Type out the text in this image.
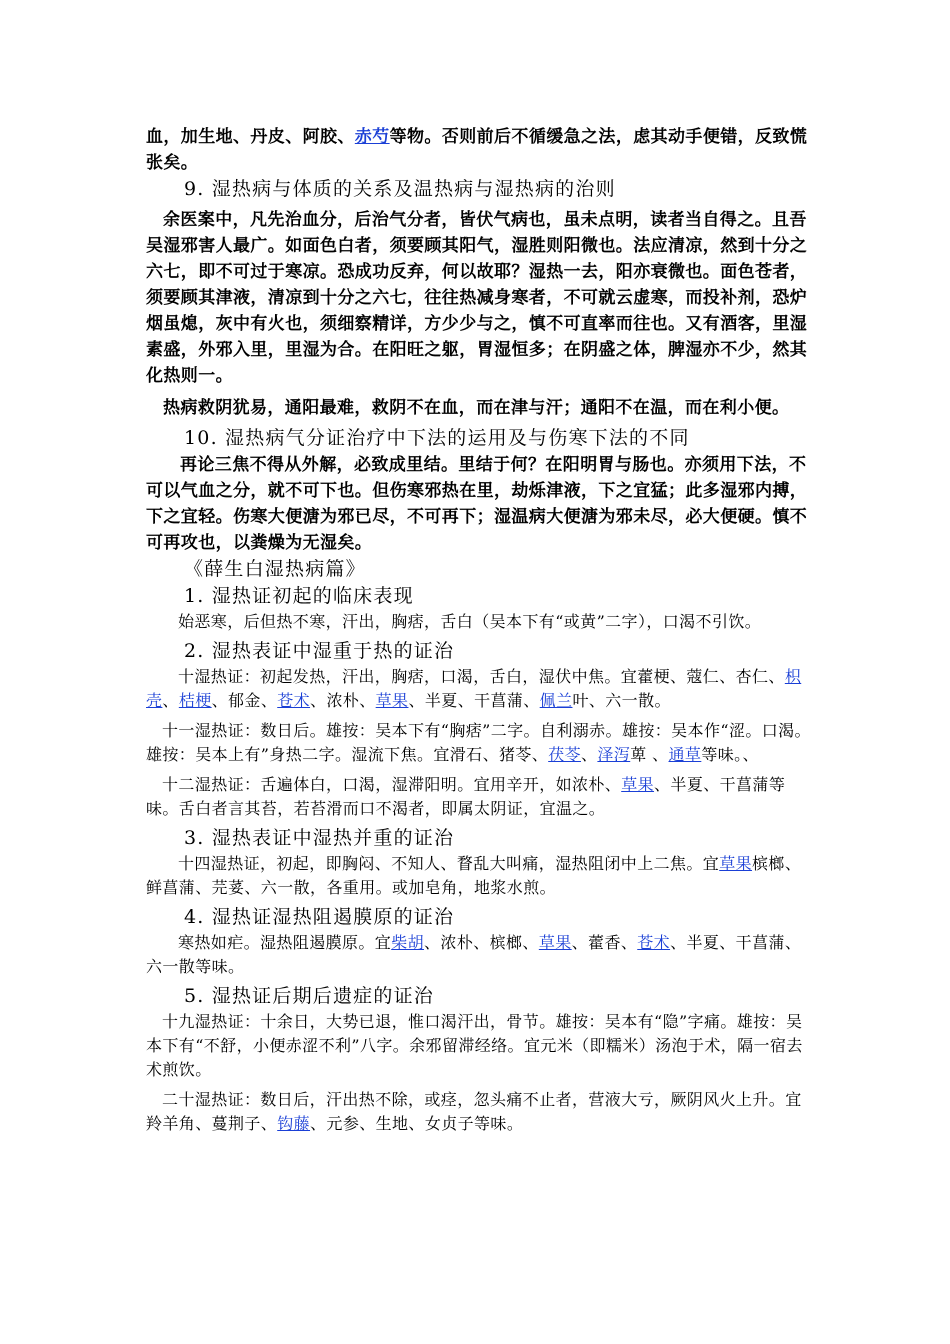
血，加生地、丹皮、阿胶、赤芍等物。否则前后不循缓急之法，虑其动手便错，反致慌张矣。

9. 湿热病与体质的关系及温热病与湿热病的治则

余医案中，凡先治血分，后治气分者，皆伏气病也，虽未点明，读者当自得之。且吾吴湿邪害人最广。如面色白者，须要顾其阳气，湿胜则阳微也。法应清凉，然到十分之六七，即不可过于寒凉。恐成功反弃，何以故耶？湿热一去，阳亦衰微也。面色苍者，须要顾其津液，清凉到十分之六七，往往热减身寒者，不可就云虚寒，而投补剂，恐炉烟虽熄，灰中有火也，须细察精详，方少少与之，慎不可直率而往也。又有酒客，里湿素盛，外邪入里，里湿为合。在阳旺之躯，胃湿恒多；在阴盛之体，脾湿亦不少，然其化热则一。

热病救阴犹易，通阳最难，救阴不在血，而在津与汗；通阳不在温，而在利小便。

10. 湿热病气分证治疗中下法的运用及与伤寒下法的不同

再论三焦不得从外解，必致成里结。里结于何？在阳明胃与肠也。亦须用下法，不可以气血之分，就不可下也。但伤寒邪热在里，劫烁津液，下之宜猛；此多湿邪内搏，下之宜轻。伤寒大便溏为邪已尽，不可再下；湿温病大便溏为邪未尽，必大便硬。慎不可再攻也，以粪燥为无湿矣。

《薛生白湿热病篇》

1. 湿热证初起的临床表现

始恶寒，后但热不寒，汗出，胸痞，舌白（吴本下有“或黄”二字），口渴不引饮。

2. 湿热表证中湿重于热的证治

十湿热证：初起发热，汗出，胸痞，口渴，舌白，湿伏中焦。宜藿梗、蔻仁、杏仁、枳壳、桔梗、郁金、苍术、浓朴、草果、半夏、干菖蒲、佩兰叶、六一散。

十一湿热证：数日后。雄按：吴本下有“胸痞”二字。自利溺赤。雄按：吴本作“涩。口渴。雄按：吴本上有”身热二字。湿流下焦。宜滑石、猪苓、茯苓、泽泻萆 、通草等味。、

十二湿热证：舌遍体白，口渴，湿滞阳明。宜用辛开，如浓朴、草果、半夏、干菖蒲等味。舌白者言其苔，若苔滑而口不渴者，即属太阴证，宜温之。

3. 湿热表证中湿热并重的证治

十四湿热证，初起，即胸闷、不知人、瞀乱大叫痛，湿热阻闭中上二焦。宜草果槟榔、鲜菖蒲、芫荽、六一散，各重用。或加皂角，地浆水煎。

4. 湿热证湿热阻遏膜原的证治

寒热如疟。湿热阻遏膜原。宜柴胡、浓朴、槟榔、草果、藿香、苍术、半夏、干菖蒲、六一散等味。

5. 湿热证后期后遗症的证治

十九湿热证：十余日，大势已退，惟口渴汗出，骨节。雄按：吴本有“隐”字痛。雄按：吴本下有“不舒，小便赤涩不利”八字。余邪留滞经络。宜元米（即糯米）汤泡于术，隔一宿去术煎饮。

二十湿热证：数日后，汗出热不除，或痉，忽头痛不止者，营液大亏，厥阴风火上升。宜羚羊角、蔓荆子、钩藤、元参、生地、女贞子等味。
